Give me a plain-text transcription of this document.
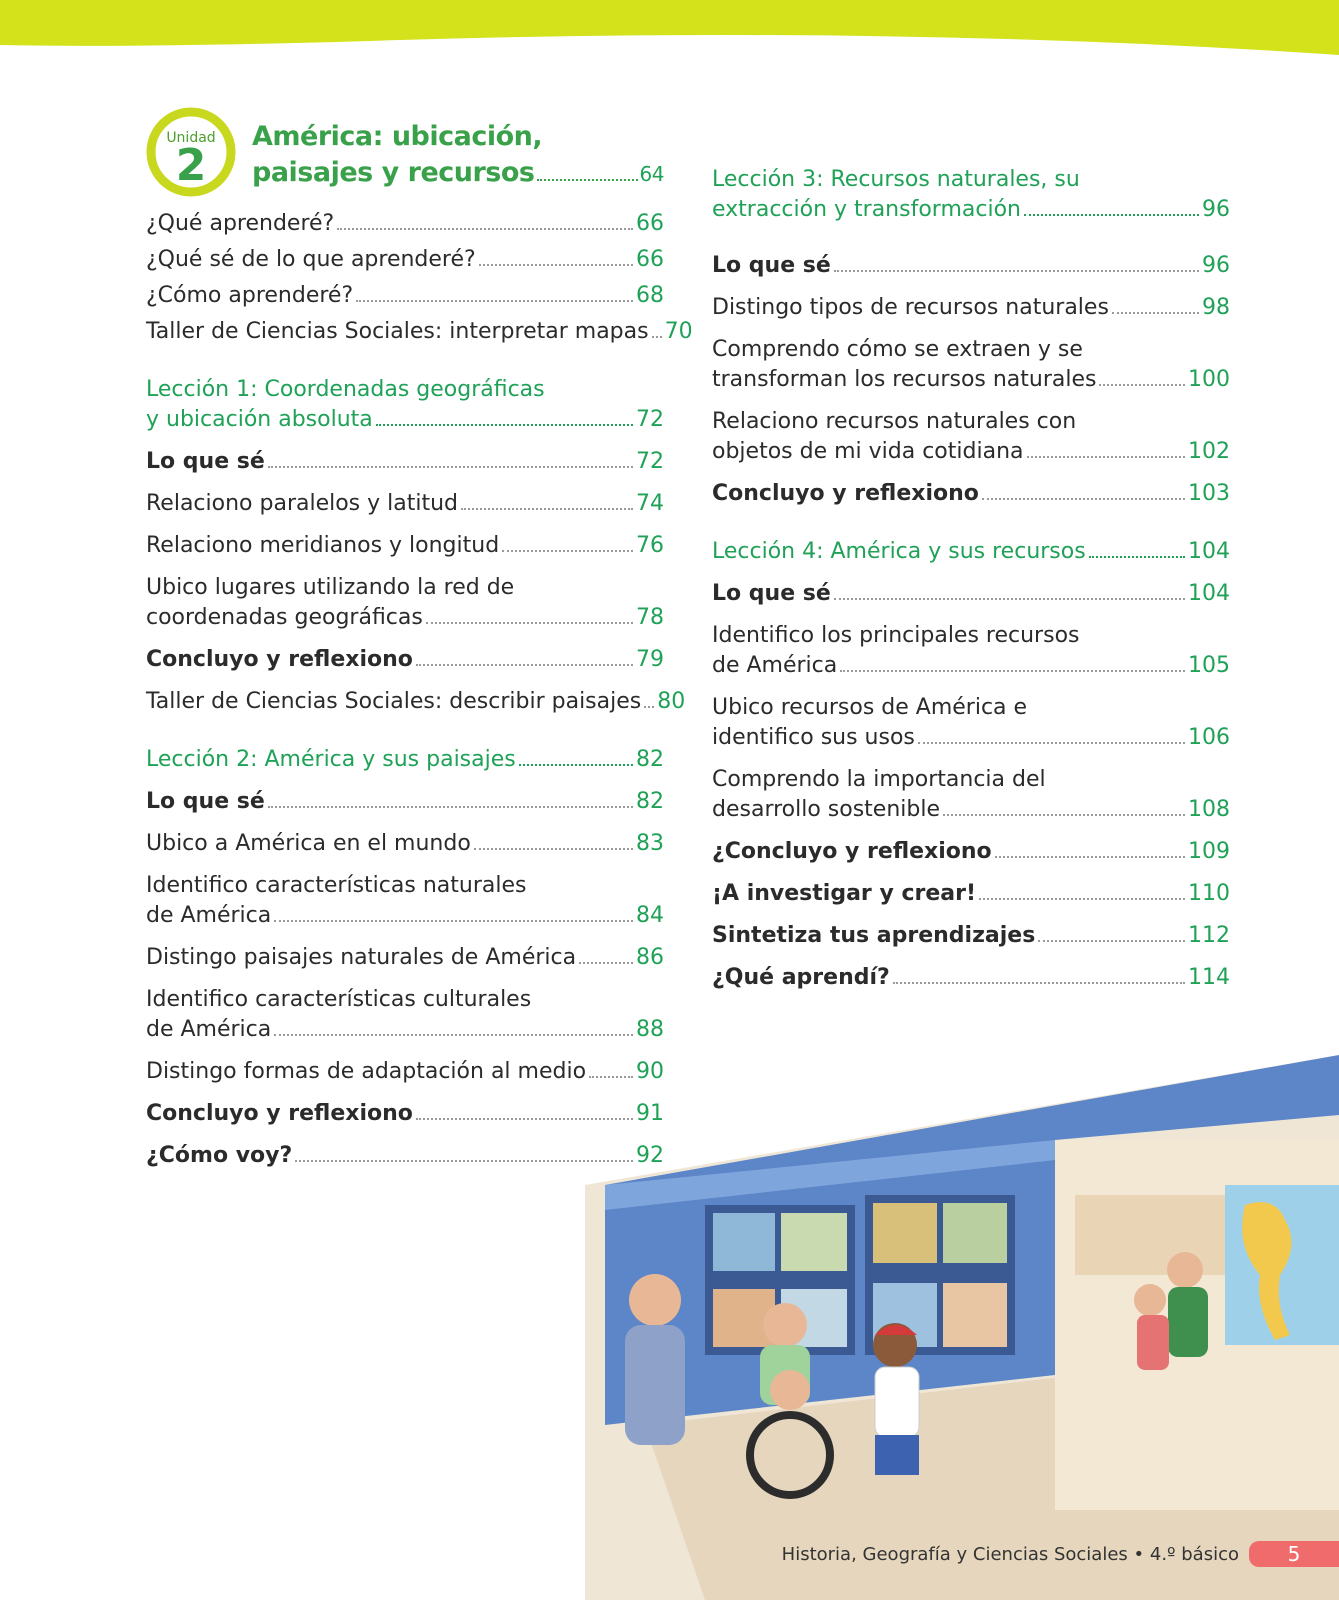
Unidad
2
América: ubicación,
paisajes y recursos	64
¿Qué aprenderé?	66
¿Qué sé de lo que aprenderé?	66
¿Cómo aprenderé?	68
Taller de Ciencias Sociales: interpretar mapas 70
Lección 1: Coordenadas geográficas
y ubicación absoluta	72
Lo que sé	72
Relaciono paralelos y latitud	74
Relaciono meridianos y longitud	76
Ubico lugares utilizando la red de
coordenadas geográficas	78
Concluyo y reflexiono	79
Taller de Ciencias Sociales: describir paisajes 80
Lección 2: América y sus paisajes	82
Lo que sé	82
Ubico a América en el mundo	83
Identifico características naturales
de América	84
Distingo paisajes naturales de América	86
Identifico características culturales
de América	88
Distingo formas de adaptación al medio 90
Concluyo y reflexiono	91
¿Cómo voy?	92
Lección 3: Recursos naturales, su
extracción y transformación	96
Lo que sé	96
Distingo tipos de recursos naturales	98
Comprendo cómo se extraen y se
transforman los recursos naturales	100
Relaciono recursos naturales con
objetos de mi vida cotidiana	102
Concluyo y reflexiono	103
Lección 4: América y sus recursos	104
Lo que sé	104
Identifico los principales recursos
de América	105
Ubico recursos de América e
identifico sus usos	106
Comprendo la importancia del
desarrollo sostenible	108
¿Concluyo y reflexiono	109
¡A investigar y crear!	110
Sintetiza tus aprendizajes	112
¿Qué aprendí?	114
Historia, Geografía y Ciencias Sociales • 4.º básico	5
